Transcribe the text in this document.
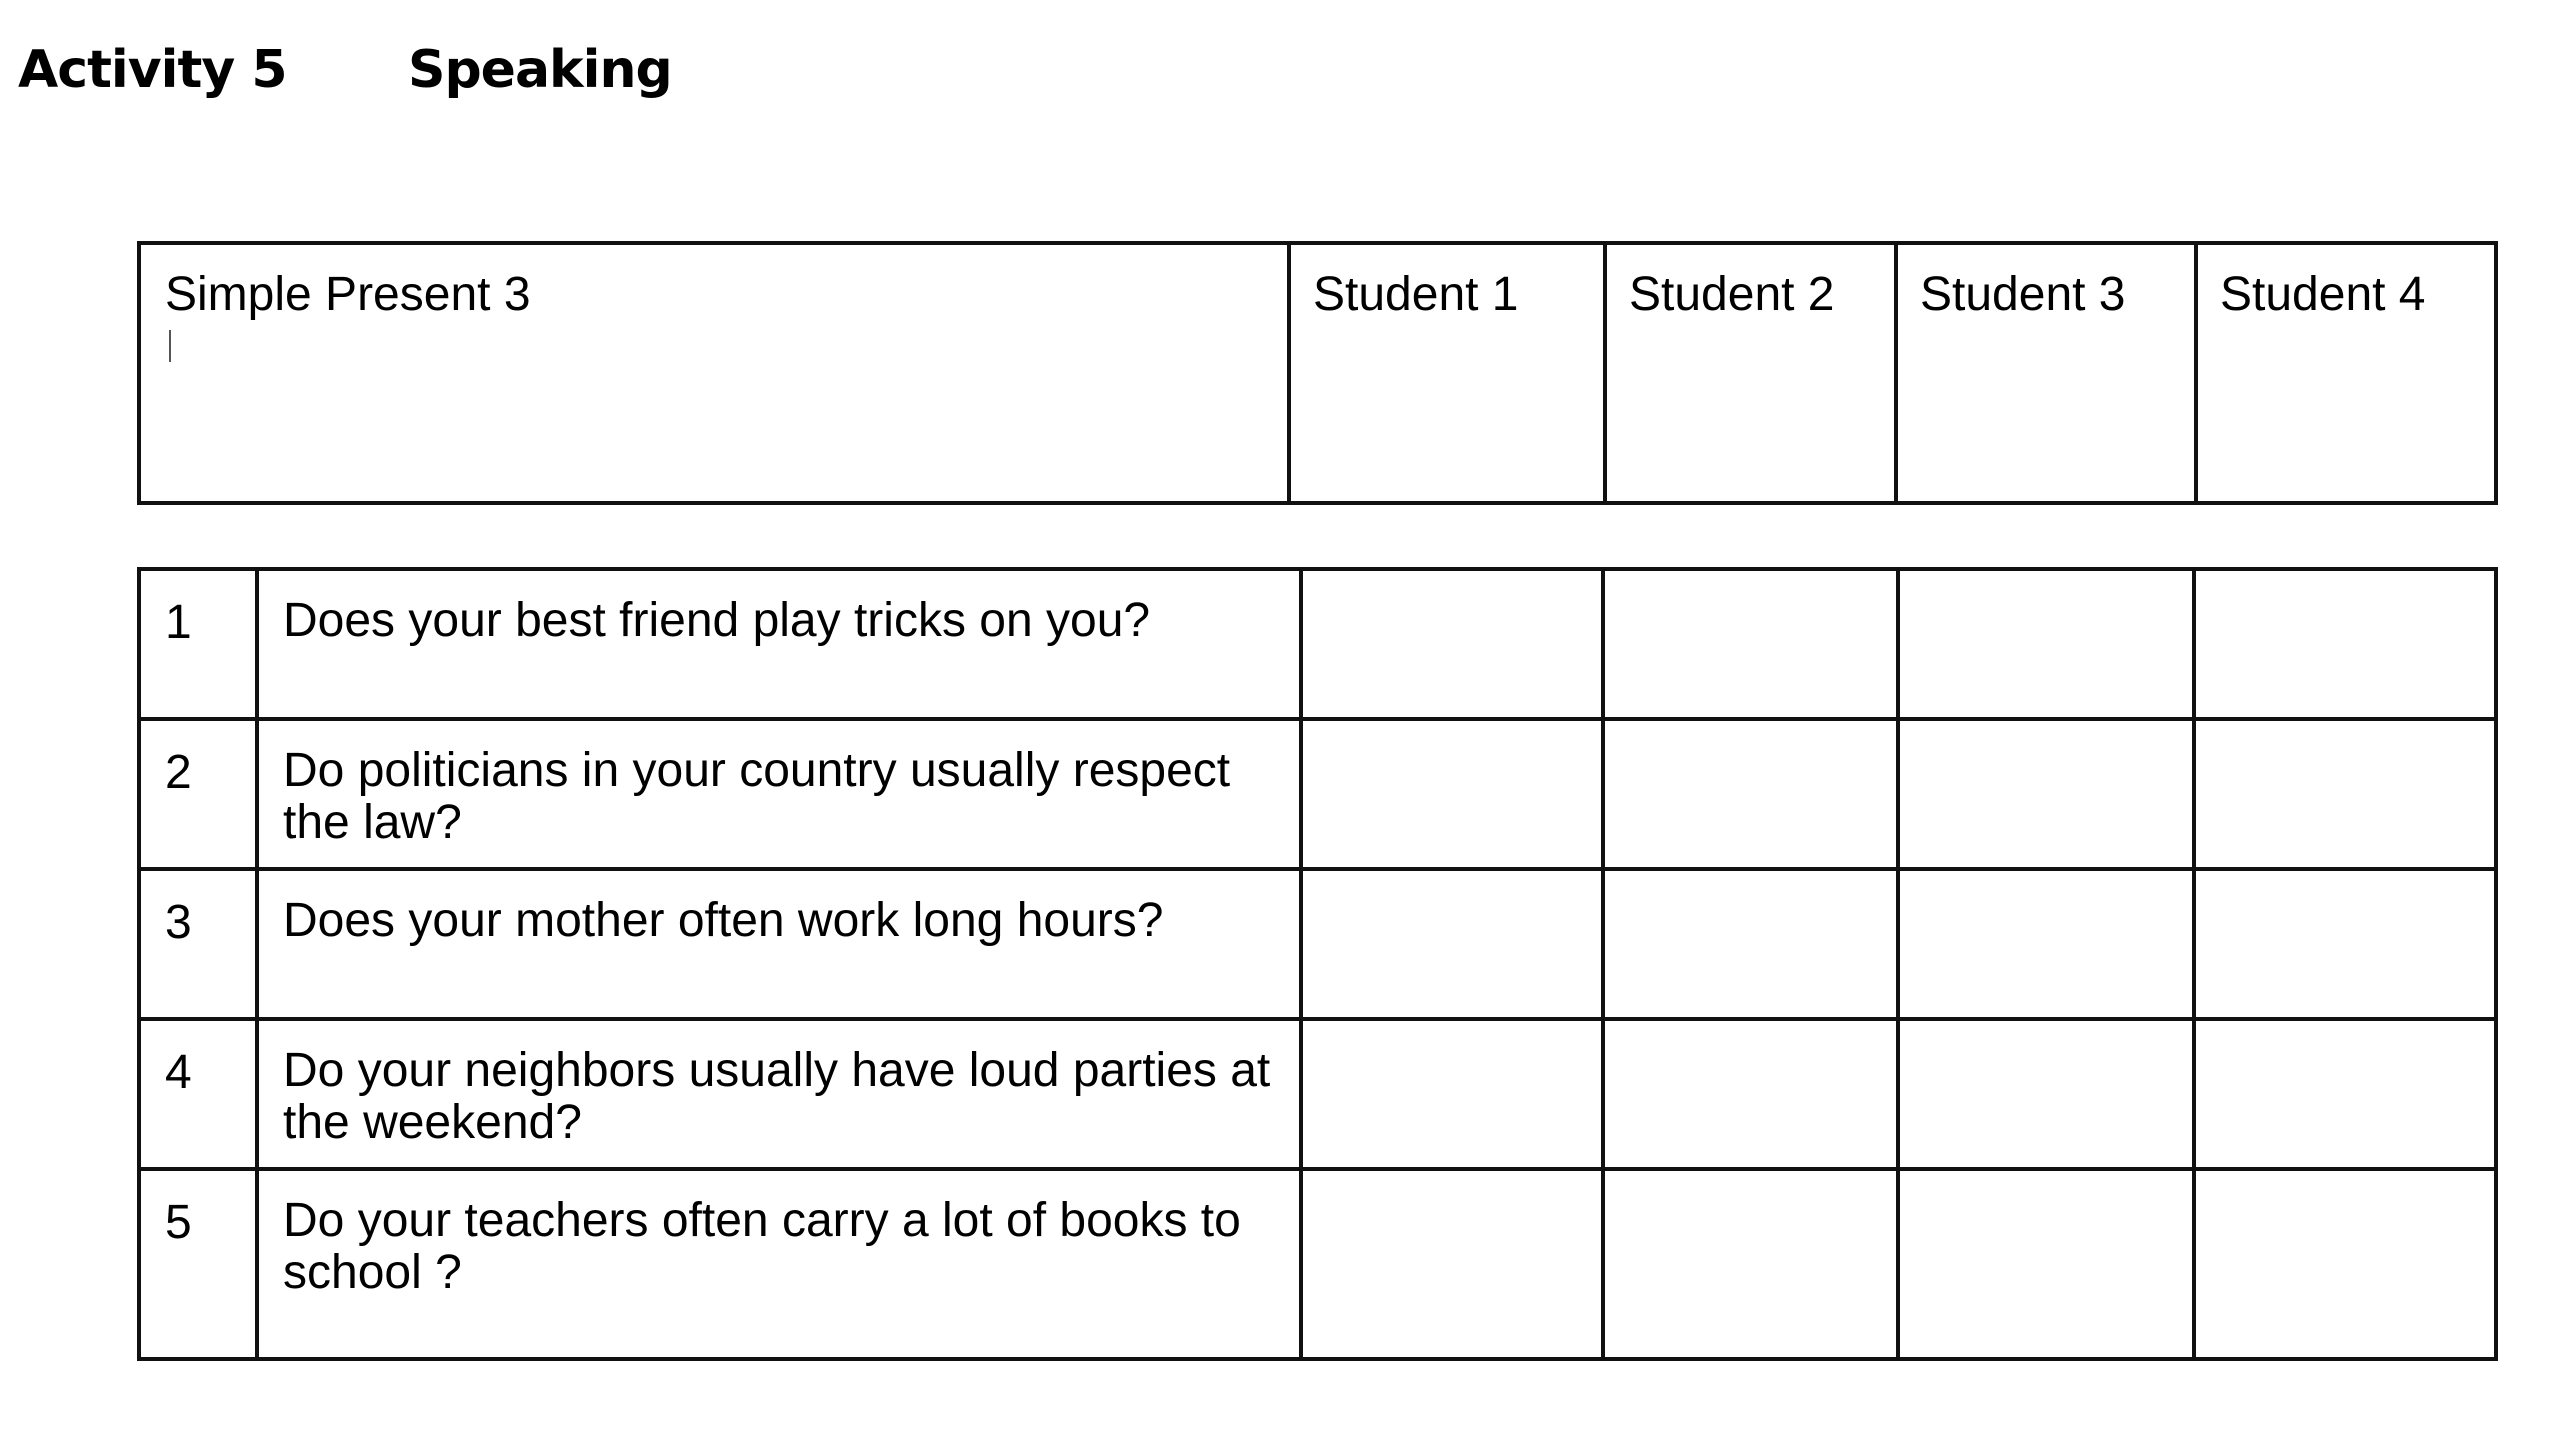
Activity 5 Speaking
Simple Present 3	Student 1	Student 2	Student 3	Student 4
1	Does your best friend play tricks on you?				
2	Do politicians in your country usually respect the law?				
3	Does your mother often work long hours?				
4	Do your neighbors usually have loud parties at the weekend?				
5	Do your teachers often carry a lot of books to school ?				
